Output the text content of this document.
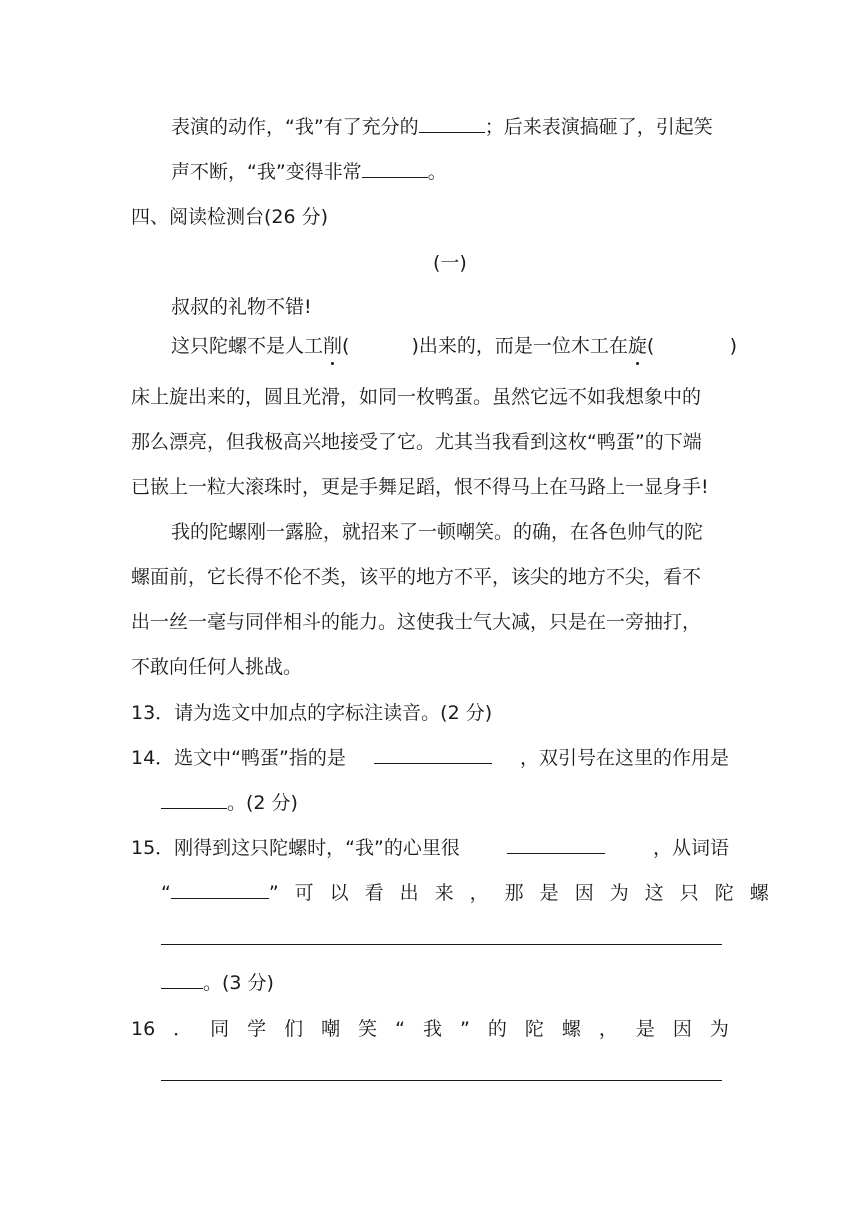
表演的动作，“我”有了充分的	；后来表演搞砸了，引起笑
声不断，“我”变得非常	。
四、阅读检测台(26 分)
(一)
叔叔的礼物不错!
这只陀螺不是人工削(	)出来的，而是一位木工在旋(	)
床上旋出来的，圆且光滑，如同一枚鸭蛋。虽然它远不如我想象中的
那么漂亮，但我极高兴地接受了它。尤其当我看到这枚“鸭蛋”的下端
已嵌上一粒大滚珠时，更是手舞足蹈，恨不得马上在马路上一显身手!
我的陀螺刚一露脸，就招来了一顿嘲笑。的确，在各色帅气的陀
螺面前，它长得不伦不类，该平的地方不平，该尖的地方不尖，看不
出一丝一毫与同伴相斗的能力。这使我士气大减，只是在一旁抽打，
不敢向任何人挑战。
13．请为选文中加点的字标注读音。(2 分)
14．选文中“鸭蛋”指的是	，双引号在这里的作用是
。(2 分)
15．刚得到这只陀螺时，“我”的心里很	，从词语
“	”可以看出来，那是因为这只陀螺
。(3 分)
16 ． 同 学 们 嘲 笑 “ 我 ” 的 陀 螺 ， 是 因 为
